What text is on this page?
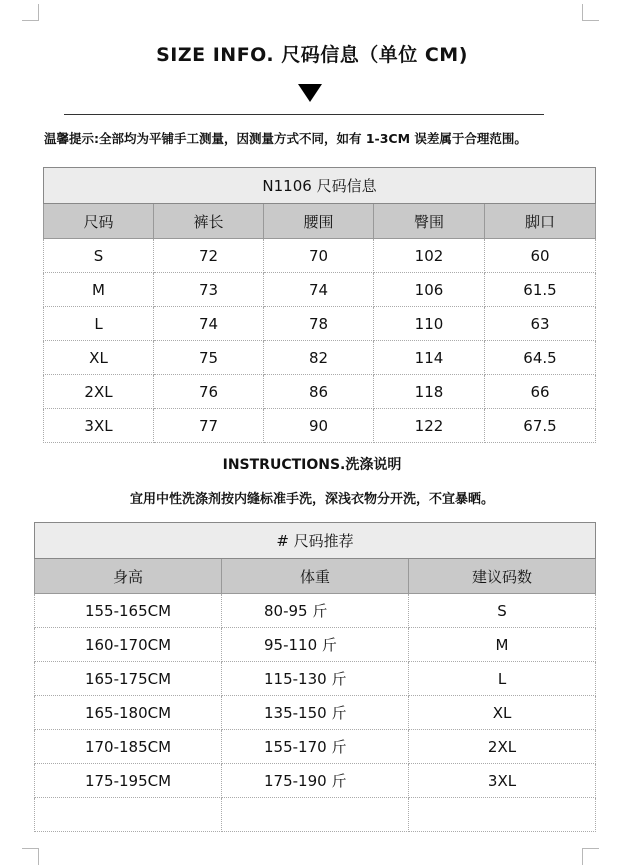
SIZE INFO. 尺码信息（单位 CM)
温馨提示:全部均为平铺手工测量，因测量方式不同，如有 1-3CM 误差属于合理范围。
N1106 尺码信息				
尺码	裤长	腰围	臀围	脚口
S	72	70	102	60
M	73	74	106	61.5
L	74	78	110	63
XL	75	82	114	64.5
2XL	76	86	118	66
3XL	77	90	122	67.5
INSTRUCTIONS.洗涤说明
宜用中性洗涤剂按内缝标准手洗，深浅衣物分开洗，不宜暴晒。
# 尺码推荐		
身高	体重	建议码数
155-165CM	80-95 斤	S
160-170CM	95-110 斤	M
165-175CM	115-130 斤	L
165-180CM	135-150 斤	XL
170-185CM	155-170 斤	2XL
175-195CM	175-190 斤	3XL
